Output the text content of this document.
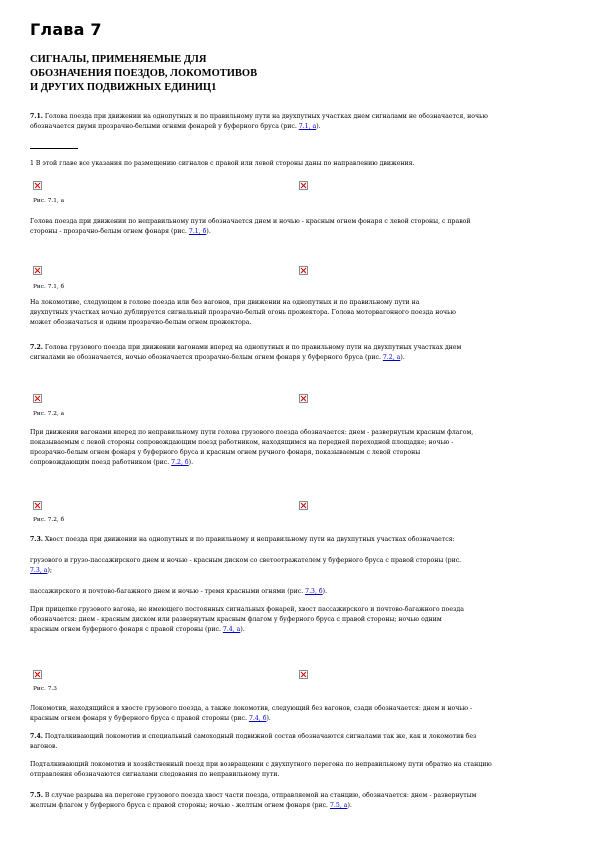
Глава 7

СИГНАЛЫ, ПРИМЕНЯЕМЫЕ ДЛЯ
ОБОЗНАЧЕНИЯ ПОЕЗДОВ, ЛОКОМОТИВОВ
И ДРУГИХ ПОДВИЖНЫХ ЕДИНИЦ1

7.1. Голова поезда при движении на однопутных и по правильному пути на двухпутных участках днем сигналами не обозначается, ночью
обозначается двумя прозрачно-белыми огнями фонарей у буферного бруса (рис. 7.1, а).

1 В этой главе все указания по размещению сигналов с правой или левой стороны даны по направлению движения.

Рис. 7.1, а

Голова поезда при движении по неправильному пути обозначается днем и ночью - красным огнем фонаря с левой стороны, с правой
стороны - прозрачно-белым огнем фонаря (рис. 7.1, б).

Рис. 7.1, б

На локомотиве, следующем в голове поезда или без вагонов, при движении на однопутных и по правильному пути на
двухпутных участках ночью дублируется сигнальный прозрачно-белый огонь прожектора. Голова моторвагонного поезда ночью
может обозначаться и одним прозрачно-белым огнем прожектора.

7.2. Голова грузового поезда при движении вагонами вперед на однопутных и по правильному пути на двухпутных участках днем
сигналами не обозначается, ночью обозначается прозрачно-белым огнем фонаря у буферного бруса (рис. 7.2, а).

Рис. 7.2, а

При движении вагонами вперед по неправильному пути голова грузового поезда обозначается: днем - развернутым красным флагом,
показываемым с левой стороны сопровождающим поезд работником, находящимся на передней переходной площадке; ночью -
прозрачно-белым огнем фонаря у буферного бруса и красным огнем ручного фонаря, показываемым с левой стороны
сопровождающим поезд работником (рис. 7.2, б).

Рис. 7.2, б

7.3. Хвост поезда при движении на однопутных и по правильному и неправильному пути на двухпутных участках обозначается:

грузового и грузо-пассажирского днем и ночью - красным диском со светоотражателем у буферного бруса с правой стороны (рис.
7.3, а);

пассажирского и почтово-багажного днем и ночью - тремя красными огнями (рис. 7.3, б).

При прицепке грузового вагона, не имеющего постоянных сигнальных фонарей, хвост пассажирского и почтово-багажного поезда
обозначается: днем - красным диском или развернутым красным флагом у буферного бруса с правой стороны; ночью одним
красным огнем буферного фонаря с правой стороны (рис. 7.4, а).

Рис. 7.3

Локомотив, находящийся в хвосте грузового поезда, а также локомотив, следующий без вагонов, сзади обозначается: днем и ночью -
красным огнем фонаря у буферного бруса с правой стороны (рис. 7.4, б).

7.4. Подталкивающий локомотив и специальный самоходный подвижной состав обозначаются сигналами так же, как и локомотив без
вагонов.

Подталкивающий локомотив и хозяйственный поезд при возвращении с двухпутного перегона по неправильному пути обратно на станцию
отправления обозначаются сигналами следования по неправильному пути.

7.5. В случае разрыва на перегоне грузового поезда хвост части поезда, отправляемой на станцию, обозначается: днем - развернутым
желтым флагом у буферного бруса с правой стороны; ночью - желтым огнем фонаря (рис. 7.5, а).
